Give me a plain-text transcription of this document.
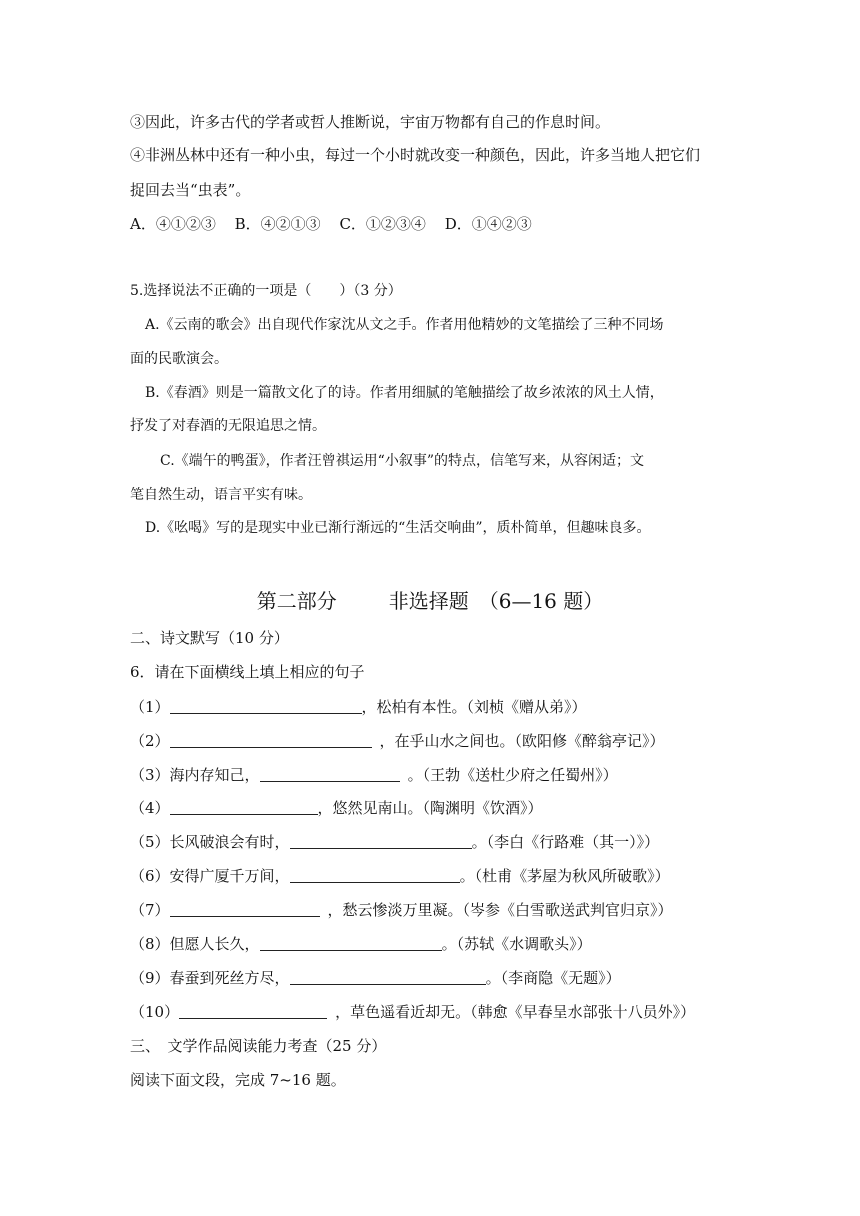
③因此，许多古代的学者或哲人推断说，宇宙万物都有自己的作息时间。
④非洲丛林中还有一种小虫，每过一个小时就改变一种颜色，因此，许多当地人把它们
捉回去当“虫表”。
A．④①②③ B．④②①③ C．①②③④ D．①④②③
5.选择说法不正确的一项是（　　）（3 分）
A.《云南的歌会》出自现代作家沈从文之手。作者用他精妙的文笔描绘了三种不同场
面的民歌演会。
B.《春酒》则是一篇散文化了的诗。作者用细腻的笔触描绘了故乡浓浓的风土人情，
抒发了对春酒的无限追思之情。
C.《端午的鸭蛋》，作者汪曾祺运用“小叙事”的特点，信笔写来，从容闲适；文
笔自然生动，语言平实有味。
D.《吆喝》写的是现实中业已渐行渐远的“生活交响曲”，质朴简单，但趣味良多。
第二部分	非选择题　（6—16 题）
二、诗文默写（10 分）
6．请在下面横线上填上相应的句子
（1）	，松柏有本性。（刘桢《赠从弟》）
（2）	，在乎山水之间也。（欧阳修《醉翁亭记》）
（3）海内存知己，	。（王勃《送杜少府之任蜀州》）
（4）	，悠然见南山。（陶渊明《饮酒》）
（5）长风破浪会有时，	。（李白《行路难（其一）》）
（6）安得广厦千万间，	。（杜甫《茅屋为秋风所破歌》）
（7）	，愁云惨淡万里凝。（岑参《白雪歌送武判官归京》）
（8）但愿人长久，	。（苏轼《水调歌头》）
（9）春蚕到死丝方尽，	。（李商隐《无题》）
（10）	，草色遥看近却无。（韩愈《早春呈水部张十八员外》）
三、　文学作品阅读能力考查（25 分）
阅读下面文段，完成 7~16 题。
